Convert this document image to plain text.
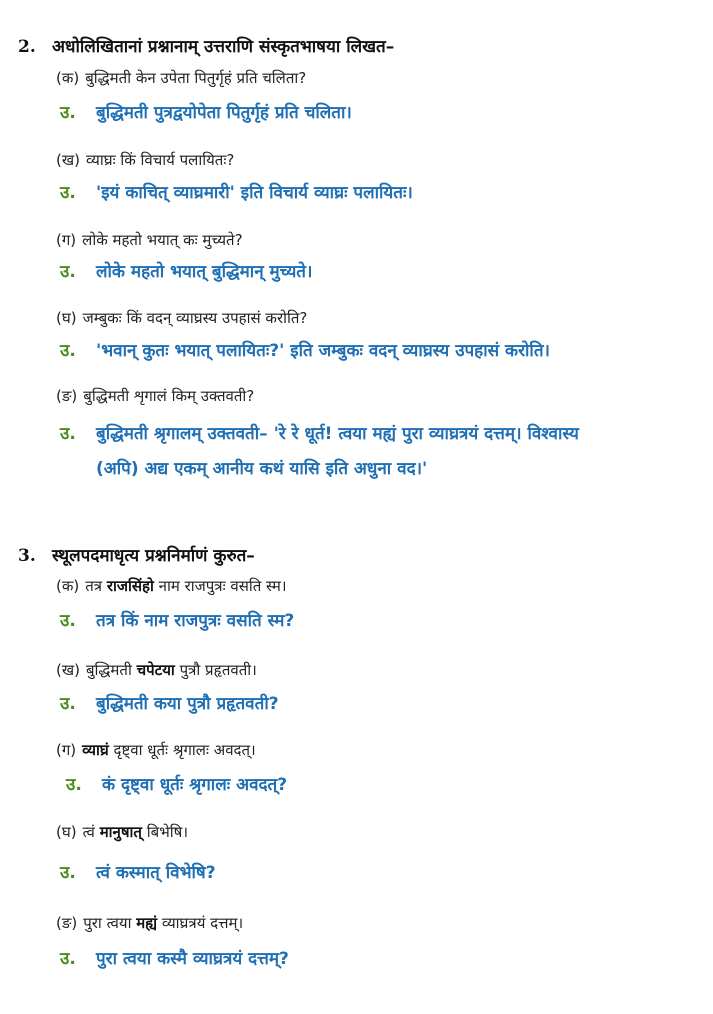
2. अधोलिखितानां प्रश्नानाम् उत्तराणि संस्कृतभाषया लिखत–
(क) बुद्धिमती केन उपेता पितुर्गृहं प्रति चलिता?
उ. बुद्धिमती पुत्रद्वयोपेता पितुर्गृहं प्रति चलिता।
(ख) व्याघ्रः किं विचार्य पलायितः?
उ. 'इयं काचित् व्याघ्रमारी' इति विचार्य व्याघ्रः पलायितः।
(ग) लोके महतो भयात् कः मुच्यते?
उ. लोके महतो भयात् बुद्धिमान् मुच्यते।
(घ) जम्बुकः किं वदन् व्याघ्रस्य उपहासं करोति?
उ. 'भवान् कुतः भयात् पलायितः?' इति जम्बुकः वदन् व्याघ्रस्य उपहासं करोति।
(ङ) बुद्धिमती शृगालं किम् उक्तवती?
उ. बुद्धिमती श्रृगालम् उक्तवती– 'रे रे धूर्त! त्वया मह्यं पुरा व्याघ्रत्रयं दत्तम्। विश्वास्य
(अपि) अद्य एकम् आनीय कथं यासि इति अधुना वद।'
3. स्थूलपदमाधृत्य प्रश्ननिर्माणं कुरुत–
(क) तत्र राजसिंहो नाम राजपुत्रः वसति स्म।
उ. तत्र किं नाम राजपुत्रः वसति स्म?
(ख) बुद्धिमती चपेटया पुत्रौ प्रहृतवती।
उ. बुद्धिमती कया पुत्रौ प्रहृतवती?
(ग) व्याघ्रं दृष्ट्वा धूर्तः श्रृगालः अवदत्।
उ. कं दृष्ट्वा धूर्तः श्रृगालः अवदत्?
(घ) त्वं मानुषात् बिभेषि।
उ. त्वं कस्मात् विभेषि?
(ङ) पुरा त्वया मह्यं व्याघ्रत्रयं दत्तम्।
उ. पुरा त्वया कस्मै व्याघ्रत्रयं दत्तम्?
